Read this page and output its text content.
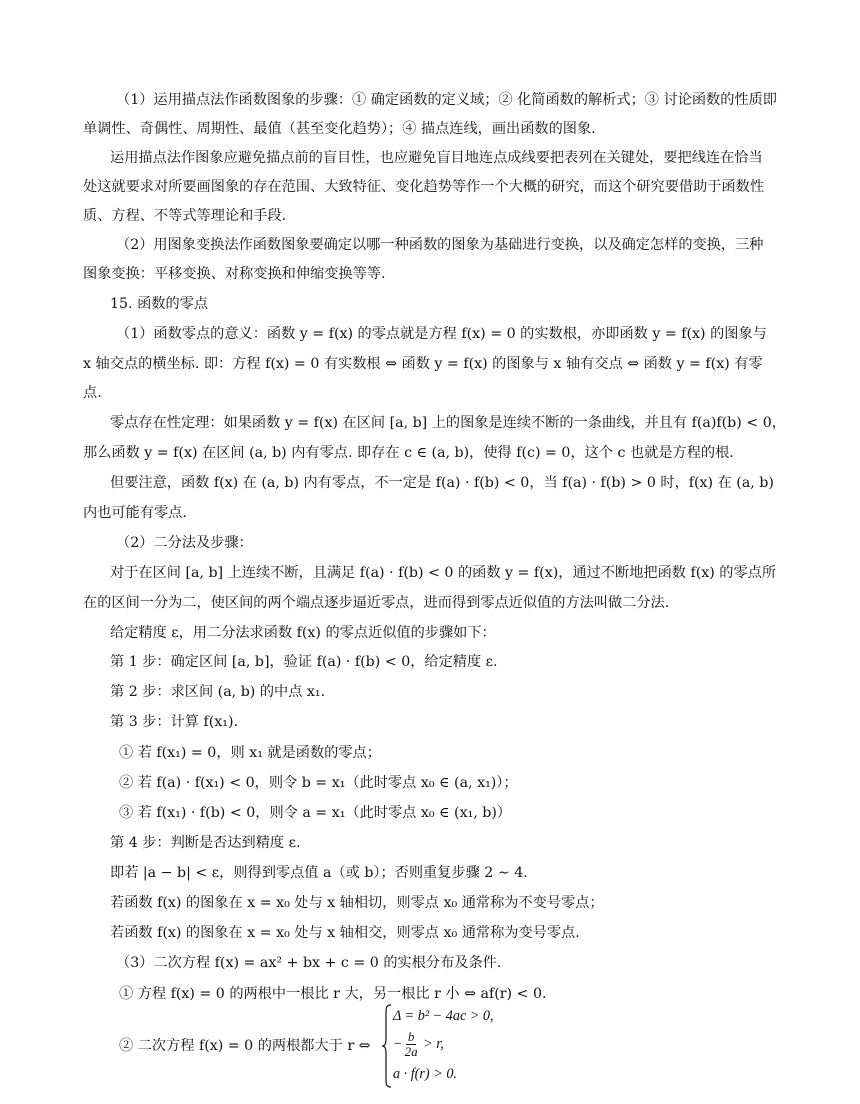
（1）运用描点法作函数图象的步骤：① 确定函数的定义域；② 化简函数的解析式；③ 讨论函数的性质即
单调性、奇偶性、周期性、最值（甚至变化趋势）；④ 描点连线，画出函数的图象.
运用描点法作图象应避免描点前的盲目性，也应避免盲目地连点成线要把表列在关键处，要把线连在恰当
处这就要求对所要画图象的存在范围、大致特征、变化趋势等作一个大概的研究，而这个研究要借助于函数性
质、方程、不等式等理论和手段.
（2）用图象变换法作函数图象要确定以哪一种函数的图象为基础进行变换，以及确定怎样的变换，三种
图象变换：平移变换、对称变换和伸缩变换等等.
15. 函数的零点
（1）函数零点的意义：函数 y = f(x) 的零点就是方程 f(x) = 0 的实数根，亦即函数 y = f(x) 的图象与
x 轴交点的横坐标. 即：方程 f(x) = 0 有实数根 ⇔ 函数 y = f(x) 的图象与 x 轴有交点 ⇔ 函数 y = f(x) 有零
点.
零点存在性定理：如果函数 y = f(x) 在区间 [a, b] 上的图象是连续不断的一条曲线，并且有 f(a)f(b) < 0，
那么函数 y = f(x) 在区间 (a, b) 内有零点. 即存在 c ∈ (a, b)，使得 f(c) = 0，这个 c 也就是方程的根.
但要注意，函数 f(x) 在 (a, b) 内有零点，不一定是 f(a) · f(b) < 0，当 f(a) · f(b) > 0 时，f(x) 在 (a, b)
内也可能有零点.
（2）二分法及步骤：
对于在区间 [a, b] 上连续不断，且满足 f(a) · f(b) < 0 的函数 y = f(x)，通过不断地把函数 f(x) 的零点所
在的区间一分为二，使区间的两个端点逐步逼近零点，进而得到零点近似值的方法叫做二分法.
给定精度 ε，用二分法求函数 f(x) 的零点近似值的步骤如下：
第 1 步：确定区间 [a, b]，验证 f(a) · f(b) < 0，给定精度 ε.
第 2 步：求区间 (a, b) 的中点 x₁.
第 3 步：计算 f(x₁).
① 若 f(x₁) = 0，则 x₁ 就是函数的零点；
② 若 f(a) · f(x₁) < 0，则令 b = x₁（此时零点 x₀ ∈ (a, x₁)）；
③ 若 f(x₁) · f(b) < 0，则令 a = x₁（此时零点 x₀ ∈ (x₁, b)）
第 4 步：判断是否达到精度 ε.
即若 |a − b| < ε，则得到零点值 a（或 b）；否则重复步骤 2 ∼ 4.
若函数 f(x) 的图象在 x = x₀ 处与 x 轴相切，则零点 x₀ 通常称为不变号零点；
若函数 f(x) 的图象在 x = x₀ 处与 x 轴相交，则零点 x₀ 通常称为变号零点.
（3）二次方程 f(x) = ax² + bx + c = 0 的实根分布及条件.
① 方程 f(x) = 0 的两根中一根比 r 大，另一根比 r 小 ⇔ af(r) < 0.
② 二次方程 f(x) = 0 的两根都大于 r ⇔
Δ = b² − 4ac > 0,
− $\frac{b}{2a} > r$,
a · f(r) > 0.
